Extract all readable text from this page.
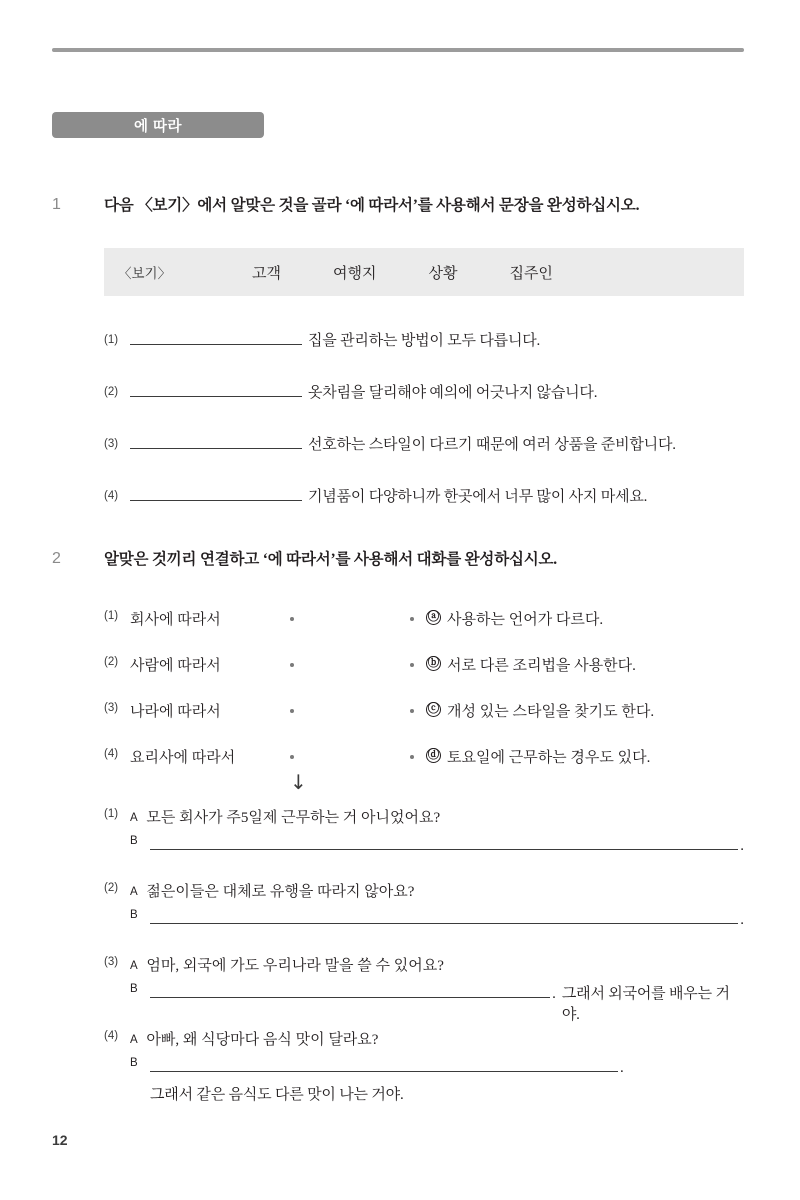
에 따라
1	다음 〈보기〉에서 알맞은 것을 골라 ‘에 따라서’를 사용해서 문장을 완성하십시오.
〈보기〉	고객	여행지	상황	집주인
(1)	집을 관리하는 방법이 모두 다릅니다.
(2)	옷차림을 달리해야 예의에 어긋나지 않습니다.
(3)	선호하는 스타일이 다르기 때문에 여러 상품을 준비합니다.
(4)	기념품이 다양하니까 한곳에서 너무 많이 사지 마세요.
2	알맞은 것끼리 연결하고 ‘에 따라서’를 사용해서 대화를 완성하십시오.
(1) 회사에 따라서	ⓐ 사용하는 언어가 다르다.
(2) 사람에 따라서	ⓑ 서로 다른 조리법을 사용한다.
(3) 나라에 따라서	ⓒ 개성 있는 스타일을 찾기도 한다.
(4) 요리사에 따라서	ⓓ 토요일에 근무하는 경우도 있다.
↓
(1) A 모든 회사가 주5일제 근무하는 거 아니었어요?
B	.
(2) A 젊은이들은 대체로 유행을 따라지 않아요?
B	.
(3) A 엄마, 외국에 가도 우리나라 말을 쓸 수 있어요?
B	. 그래서 외국어를 배우는 거야.
(4) A 아빠, 왜 식당마다 음식 맛이 달라요?
B	.
그래서 같은 음식도 다른 맛이 나는 거야.
12
